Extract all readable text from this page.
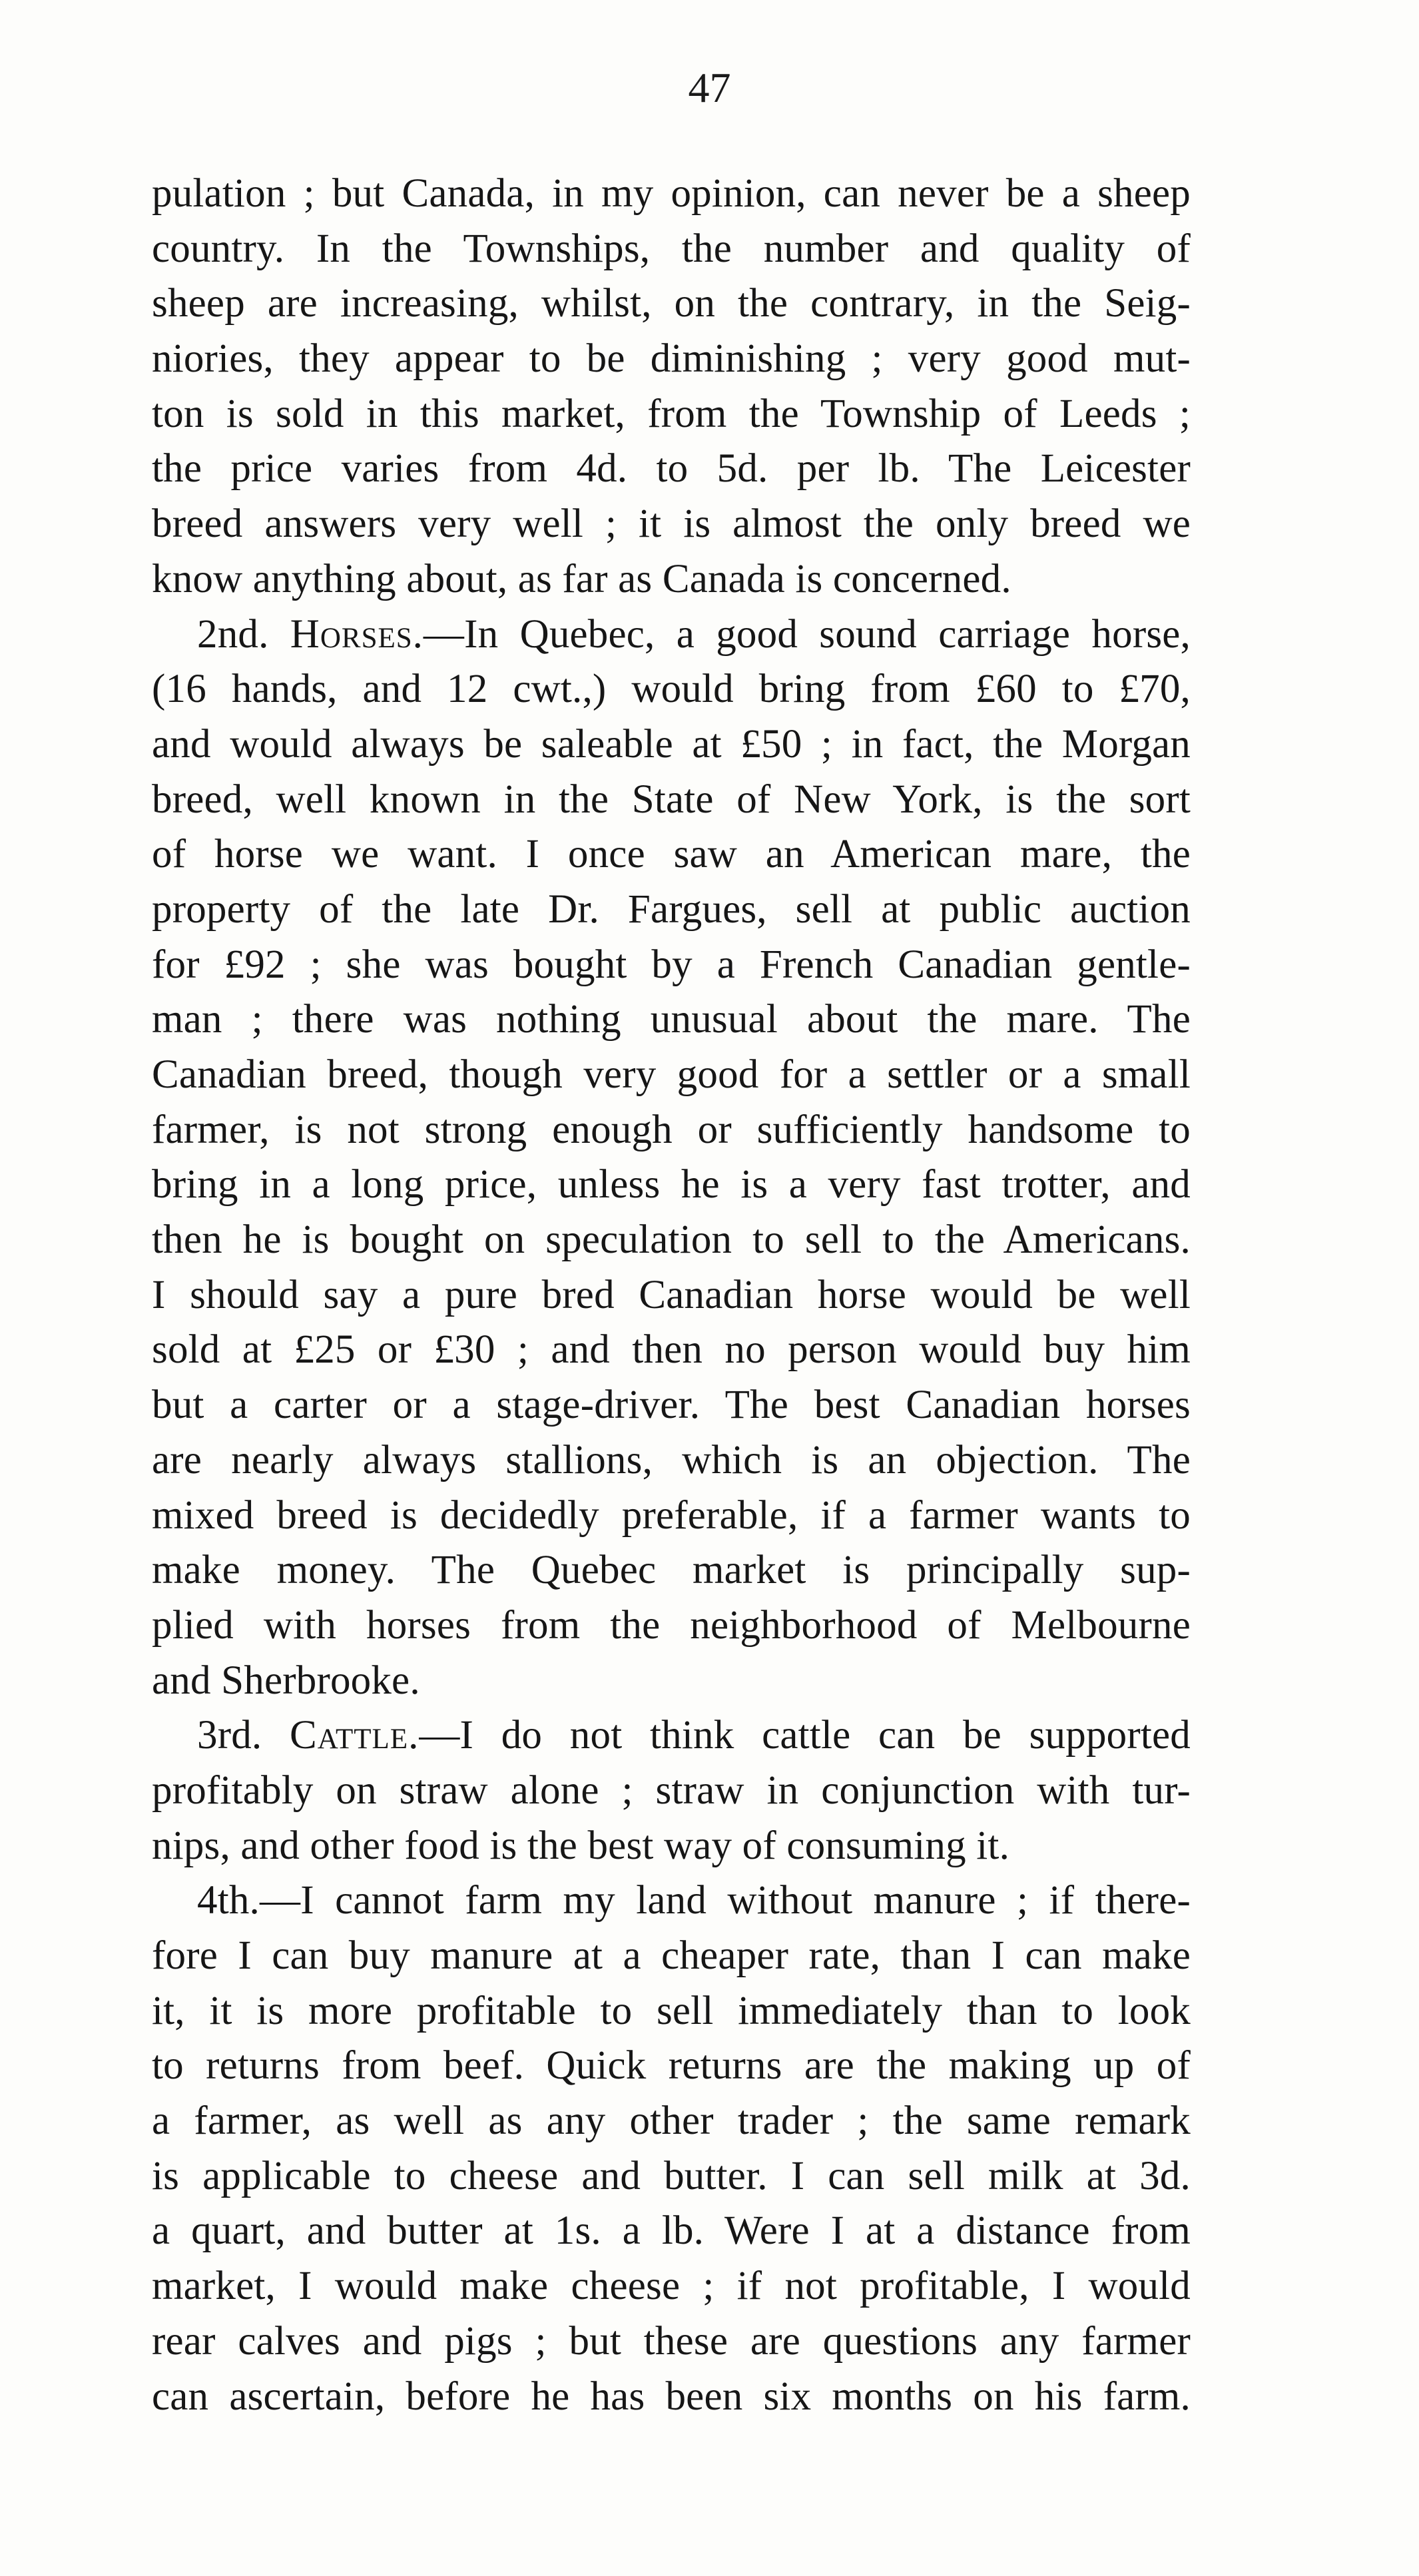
47
pulation ; but Canada, in my opinion, can never be a sheep
country. In the Townships, the number and quality of
sheep are increasing, whilst, on the contrary, in the Seig-
niories, they appear to be diminishing ; very good mut-
ton is sold in this market, from the Township of Leeds ;
the price varies from 4d. to 5d. per lb. The Leicester
breed answers very well ; it is almost the only breed we
know anything about, as far as Canada is concerned.
2nd. Horses.—In Quebec, a good sound carriage horse,
(16 hands, and 12 cwt.,) would bring from £60 to £70,
and would always be saleable at £50 ; in fact, the Morgan
breed, well known in the State of New York, is the sort
of horse we want. I once saw an American mare, the
property of the late Dr. Fargues, sell at public auction
for £92 ; she was bought by a French Canadian gentle-
man ; there was nothing unusual about the mare. The
Canadian breed, though very good for a settler or a small
farmer, is not strong enough or sufficiently handsome to
bring in a long price, unless he is a very fast trotter, and
then he is bought on speculation to sell to the Americans.
I should say a pure bred Canadian horse would be well
sold at £25 or £30 ; and then no person would buy him
but a carter or a stage-driver. The best Canadian horses
are nearly always stallions, which is an objection. The
mixed breed is decidedly preferable, if a farmer wants to
make money. The Quebec market is principally sup-
plied with horses from the neighborhood of Melbourne
and Sherbrooke.
3rd. Cattle.—I do not think cattle can be supported
profitably on straw alone ; straw in conjunction with tur-
nips, and other food is the best way of consuming it.
4th.—I cannot farm my land without manure ; if there-
fore I can buy manure at a cheaper rate, than I can make
it, it is more profitable to sell immediately than to look
to returns from beef. Quick returns are the making up of
a farmer, as well as any other trader ; the same remark
is applicable to cheese and butter. I can sell milk at 3d.
a quart, and butter at 1s. a lb. Were I at a distance from
market, I would make cheese ; if not profitable, I would
rear calves and pigs ; but these are questions any farmer
can ascertain, before he has been six months on his farm.
